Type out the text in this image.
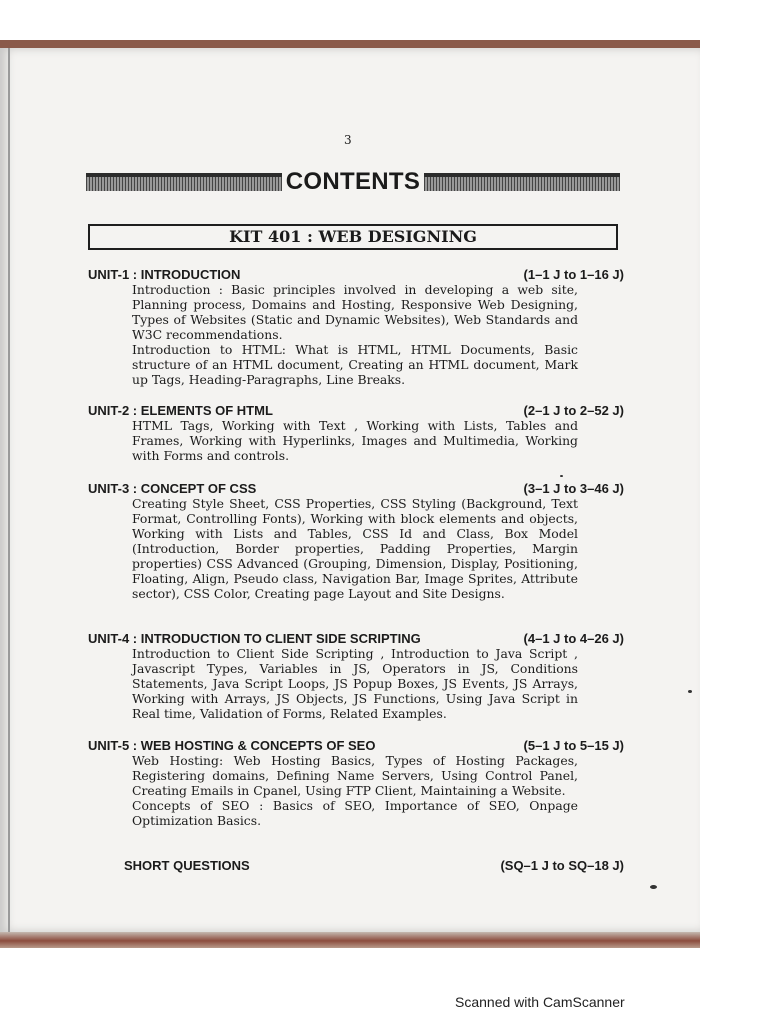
3
CONTENTS
KIT 401 : WEB DESIGNING
UNIT-1 : INTRODUCTION	(1–1 J to 1–16 J)

Introduction : Basic principles involved in developing a web site, Planning process, Domains and Hosting, Responsive Web Designing, Types of Websites (Static and Dynamic Websites), Web Standards and W3C recommendations.

Introduction to HTML: What is HTML, HTML Documents, Basic structure of an HTML document, Creating an HTML document, Mark up Tags, Heading-Paragraphs, Line Breaks.

UNIT-2 : ELEMENTS OF HTML	(2–1 J to 2–52 J)

HTML Tags, Working with Text , Working with Lists, Tables and Frames, Working with Hyperlinks, Images and Multimedia, Working with Forms and controls.

UNIT-3 : CONCEPT OF CSS	(3–1 J to 3–46 J)

Creating Style Sheet, CSS Properties, CSS Styling (Background, Text Format, Controlling Fonts), Working with block elements and objects, Working with Lists and Tables, CSS Id and Class, Box Model (Introduction, Border properties, Padding Properties, Margin properties) CSS Advanced (Grouping, Dimension, Display, Positioning, Floating, Align, Pseudo class, Navigation Bar, Image Sprites, Attribute sector), CSS Color, Creating page Layout and Site Designs.

UNIT-4 : INTRODUCTION TO CLIENT SIDE SCRIPTING	(4–1 J to 4–26 J)

Introduction to Client Side Scripting , Introduction to Java Script , Javascript Types, Variables in JS, Operators in JS, Conditions Statements, Java Script Loops, JS Popup Boxes, JS Events, JS Arrays, Working with Arrays, JS Objects, JS Functions, Using Java Script in Real time, Validation of Forms, Related Examples.

UNIT-5 : WEB HOSTING & CONCEPTS OF SEO	(5–1 J to 5–15 J)

Web Hosting: Web Hosting Basics, Types of Hosting Packages, Registering domains, Defining Name Servers, Using Control Panel, Creating Emails in Cpanel, Using FTP Client, Maintaining a Website.

Concepts of SEO : Basics of SEO, Importance of SEO, Onpage Optimization Basics.

SHORT QUESTIONS	(SQ–1 J to SQ–18 J)
Scanned with CamScanner
